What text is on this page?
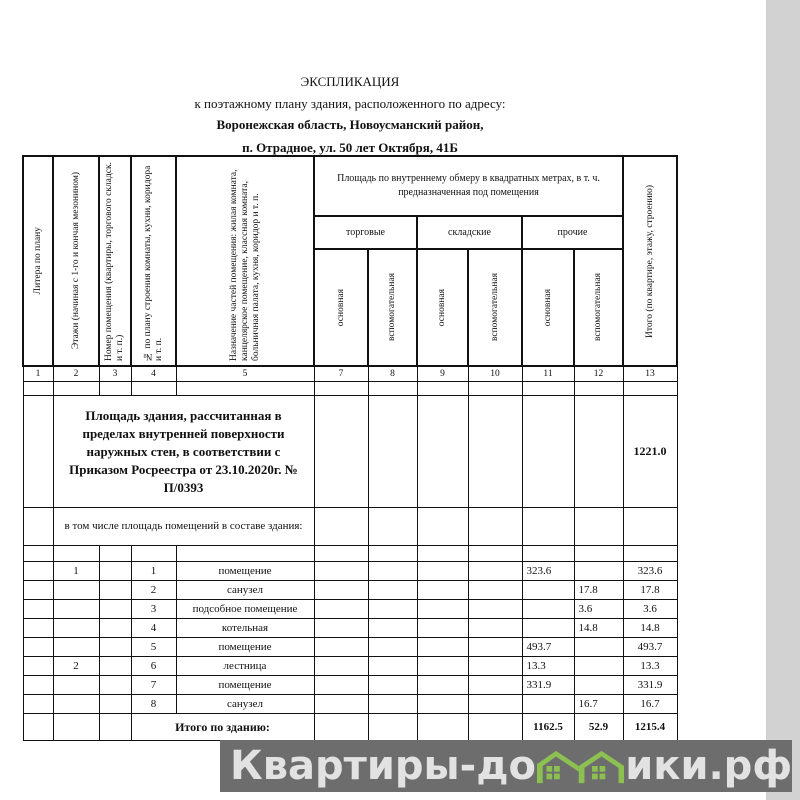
ЭКСПЛИКАЦИЯ
к поэтажному плану здания, расположенного по адресу:
Воронежская область, Новоусманский район,
п. Отрадное, ул. 50 лет Октября, 41Б
Литера по плану	Этажи (начиная с 1-го и кончая мезонином)	Номер помещения (квартиры, торгового складск. и т. п.)	№ по плану строения комнаты, кухни, коридора и т. п.	Назначение частей помещения: жилая комната, канцелярское помещение, классная комната, больничная палата, кухня, коридор и т. п.	Площадь по внутреннему обмеру в квадратных метрах, в т. ч. предназначенная под помещения						Итого (по квартире, этажу, строению)

					торговые		складские		прочие		

					основная	вспомогательная	основная	вспомогательная	основная	вспомогательная	

1	2	3	4	5	7	8	9	10	11	12	13

	Площадь здания, рассчитанная в пределах внутренней поверхности наружных стен, в соответствии с Приказом Росреестра от 23.10.2020г. № П/0393										1221.0
	в том числе площадь помещений в составе здания:										

	1		1	помещение					323.6		323.6
			2	санузел						17.8	17.8
			3	подсобное помещение						3.6	3.6
			4	котельная						14.8	14.8
			5	помещение					493.7		493.7
	2		6	лестница					13.3		13.3
			7	помещение					331.9		331.9
			8	санузел						16.7	16.7
			Итого по зданию:						1162.5	52.9	1215.4
Квартиры-до ики.рф
